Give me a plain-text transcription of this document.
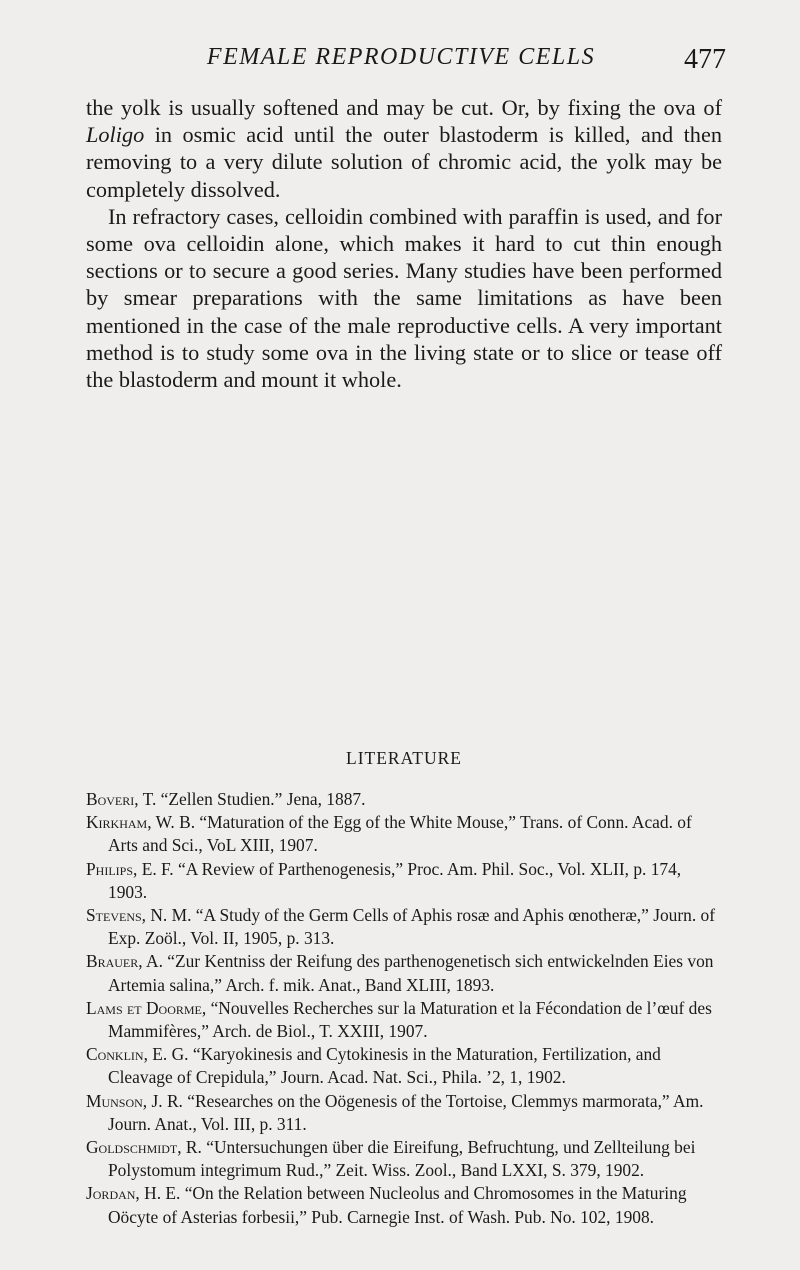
FEMALE REPRODUCTIVE CELLS	477

the yolk is usually softened and may be cut. Or, by fixing the ova of Loligo in osmic acid until the outer blastoderm is killed, and then removing to a very dilute solution of chromic acid, the yolk may be completely dissolved.

In refractory cases, celloidin combined with paraffin is used, and for some ova celloidin alone, which makes it hard to cut thin enough sections or to secure a good series. Many studies have been performed by smear preparations with the same limitations as have been mentioned in the case of the male reproductive cells. A very important method is to study some ova in the living state or to slice or tease off the blastoderm and mount it whole.

LITERATURE
Boveri, T. “Zellen Studien.” Jena, 1887.
Kirkham, W. B. “Maturation of the Egg of the White Mouse,” Trans. of Conn. Acad. of Arts and Sci., VoL XIII, 1907.
Philips, E. F. “A Review of Parthenogenesis,” Proc. Am. Phil. Soc., Vol. XLII, p. 174, 1903.
Stevens, N. M. “A Study of the Germ Cells of Aphis rosæ and Aphis œnotheræ,” Journ. of Exp. Zoöl., Vol. II, 1905, p. 313.
Brauer, A. “Zur Kentniss der Reifung des parthenogenetisch sich entwickelnden Eies von Artemia salina,” Arch. f. mik. Anat., Band XLIII, 1893.
Lams et Doorme, “Nouvelles Recherches sur la Maturation et la Fécondation de l’œuf des Mammifères,” Arch. de Biol., T. XXIII, 1907.
Conklin, E. G. “Karyokinesis and Cytokinesis in the Maturation, Fertilization, and Cleavage of Crepidula,” Journ. Acad. Nat. Sci., Phila. ’2, 1, 1902.
Munson, J. R. “Researches on the Oögenesis of the Tortoise, Clemmys marmorata,” Am. Journ. Anat., Vol. III, p. 311.
Goldschmidt, R. “Untersuchungen über die Eireifung, Befruchtung, und Zellteilung bei Polystomum integrimum Rud.,” Zeit. Wiss. Zool., Band LXXI, S. 379, 1902.
Jordan, H. E. “On the Relation between Nucleolus and Chromosomes in the Maturing Oöcyte of Asterias forbesii,” Pub. Carnegie Inst. of Wash. Pub. No. 102, 1908.
